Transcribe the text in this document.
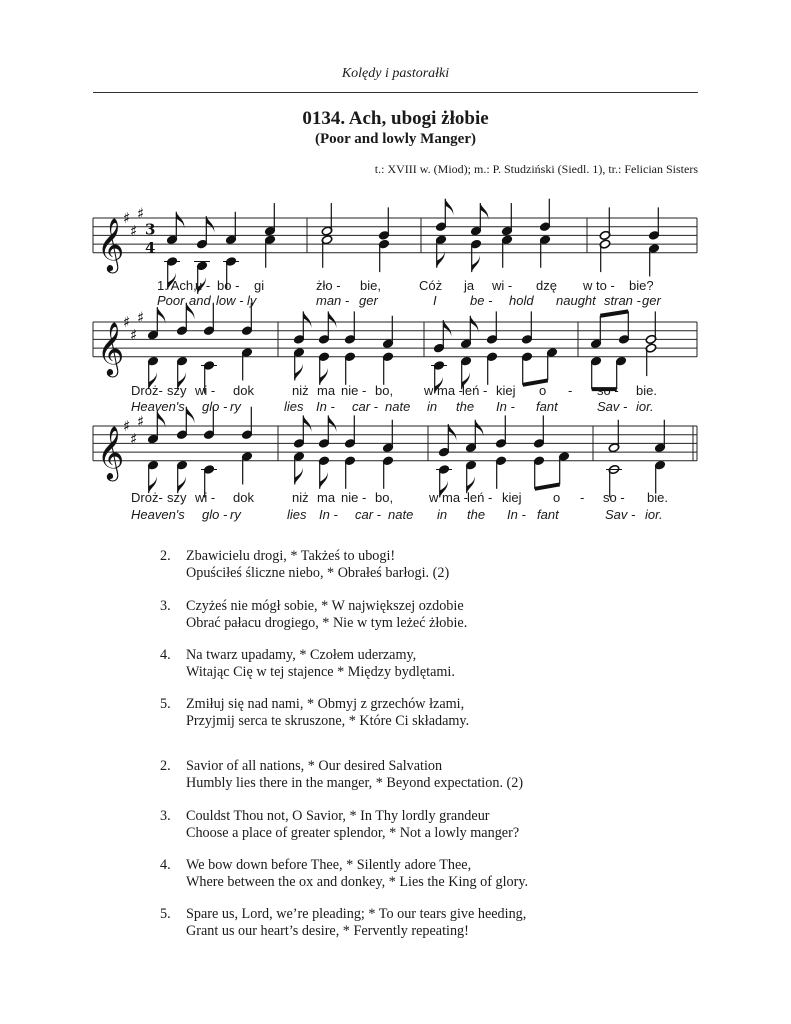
Kolędy i pastorałki
0134. Ach, ubogi żłobie
(Poor and lowly Manger)
t.: XVIII w. (Miod); m.: P. Studziński (Siedl. 1), tr.: Felician Sisters
𝄞
♯
♯
♯
3
4
𝄞
♯
♯
♯
𝄞
♯
♯
♯
1. Ach,
u - bo - gi	żło - bie,	Cóż ja wi - dzę w to - bie?
Poor and low - ly	man - ger	I	be - hold naught stran - ger
Droż- szy wi - dok	niż ma nie - bo, w ma - leń - kiej o - so - bie.
Heaven's glo - ry	lies In - car - nate in the In - fant	Sav - ior.
Droż- szy wi - dok	niż ma nie - bo,	w ma - leń - kiej o - so - bie.
Heaven's glo - ry	lies In - car - nate in the In - fant	Sav - ior.
2.	Zbawicielu drogi, * Takżeś to ubogi!
Opuściłeś śliczne niebo, * Obrałeś barłogi. (2)
3.	Czyżeś nie mógł sobie, * W największej ozdobie
Obrać pałacu drogiego, * Nie w tym leżeć żłobie.
4.	Na twarz upadamy, * Czołem uderzamy,
Witając Cię w tej stajence * Między bydlętami.
5.	Zmiłuj się nad nami, * Obmyj z grzechów łzami,
Przyjmij serca te skruszone, * Które Ci składamy.
2.	Savior of all nations, * Our desired Salvation
Humbly lies there in the manger, * Beyond expectation. (2)
3.	Couldst Thou not, O Savior, * In Thy lordly grandeur
Choose a place of greater splendor, * Not a lowly manger?
4.	We bow down before Thee, * Silently adore Thee,
Where between the ox and donkey, * Lies the King of glory.
5.	Spare us, Lord, we’re pleading; * To our tears give heeding,
Grant us our heart’s desire, * Fervently repeating!
